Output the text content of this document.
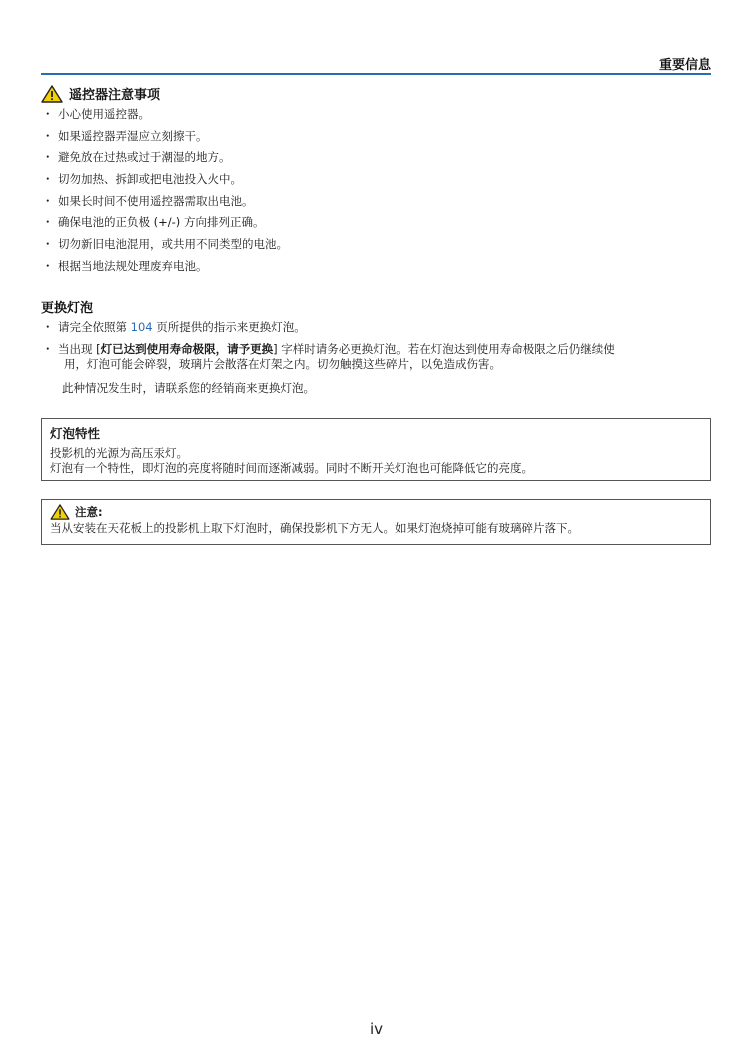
重要信息
遥控器注意事项
・ 小心使用遥控器。
・ 如果遥控器弄湿应立刻擦干。
・ 避免放在过热或过于潮湿的地方。
・ 切勿加热、拆卸或把电池投入火中。
・ 如果长时间不使用遥控器需取出电池。
・ 确保电池的正负极 (+/-) 方向排列正确。
・ 切勿新旧电池混用，或共用不同类型的电池。
・ 根据当地法规处理废弃电池。
更换灯泡
・ 请完全依照第 104 页所提供的指示来更换灯泡。
・ 当出现 [灯已达到使用寿命极限，请予更换] 字样时请务必更换灯泡。若在灯泡达到使用寿命极限之后仍继续使
用，灯泡可能会碎裂，玻璃片会散落在灯架之内。切勿触摸这些碎片，以免造成伤害。
此种情况发生时，请联系您的经销商来更换灯泡。
灯泡特性
投影机的光源为高压汞灯。
灯泡有一个特性，即灯泡的亮度将随时间而逐渐减弱。同时不断开关灯泡也可能降低它的亮度。
注意:
当从安装在天花板上的投影机上取下灯泡时，确保投影机下方无人。如果灯泡烧掉可能有玻璃碎片落下。
iv
